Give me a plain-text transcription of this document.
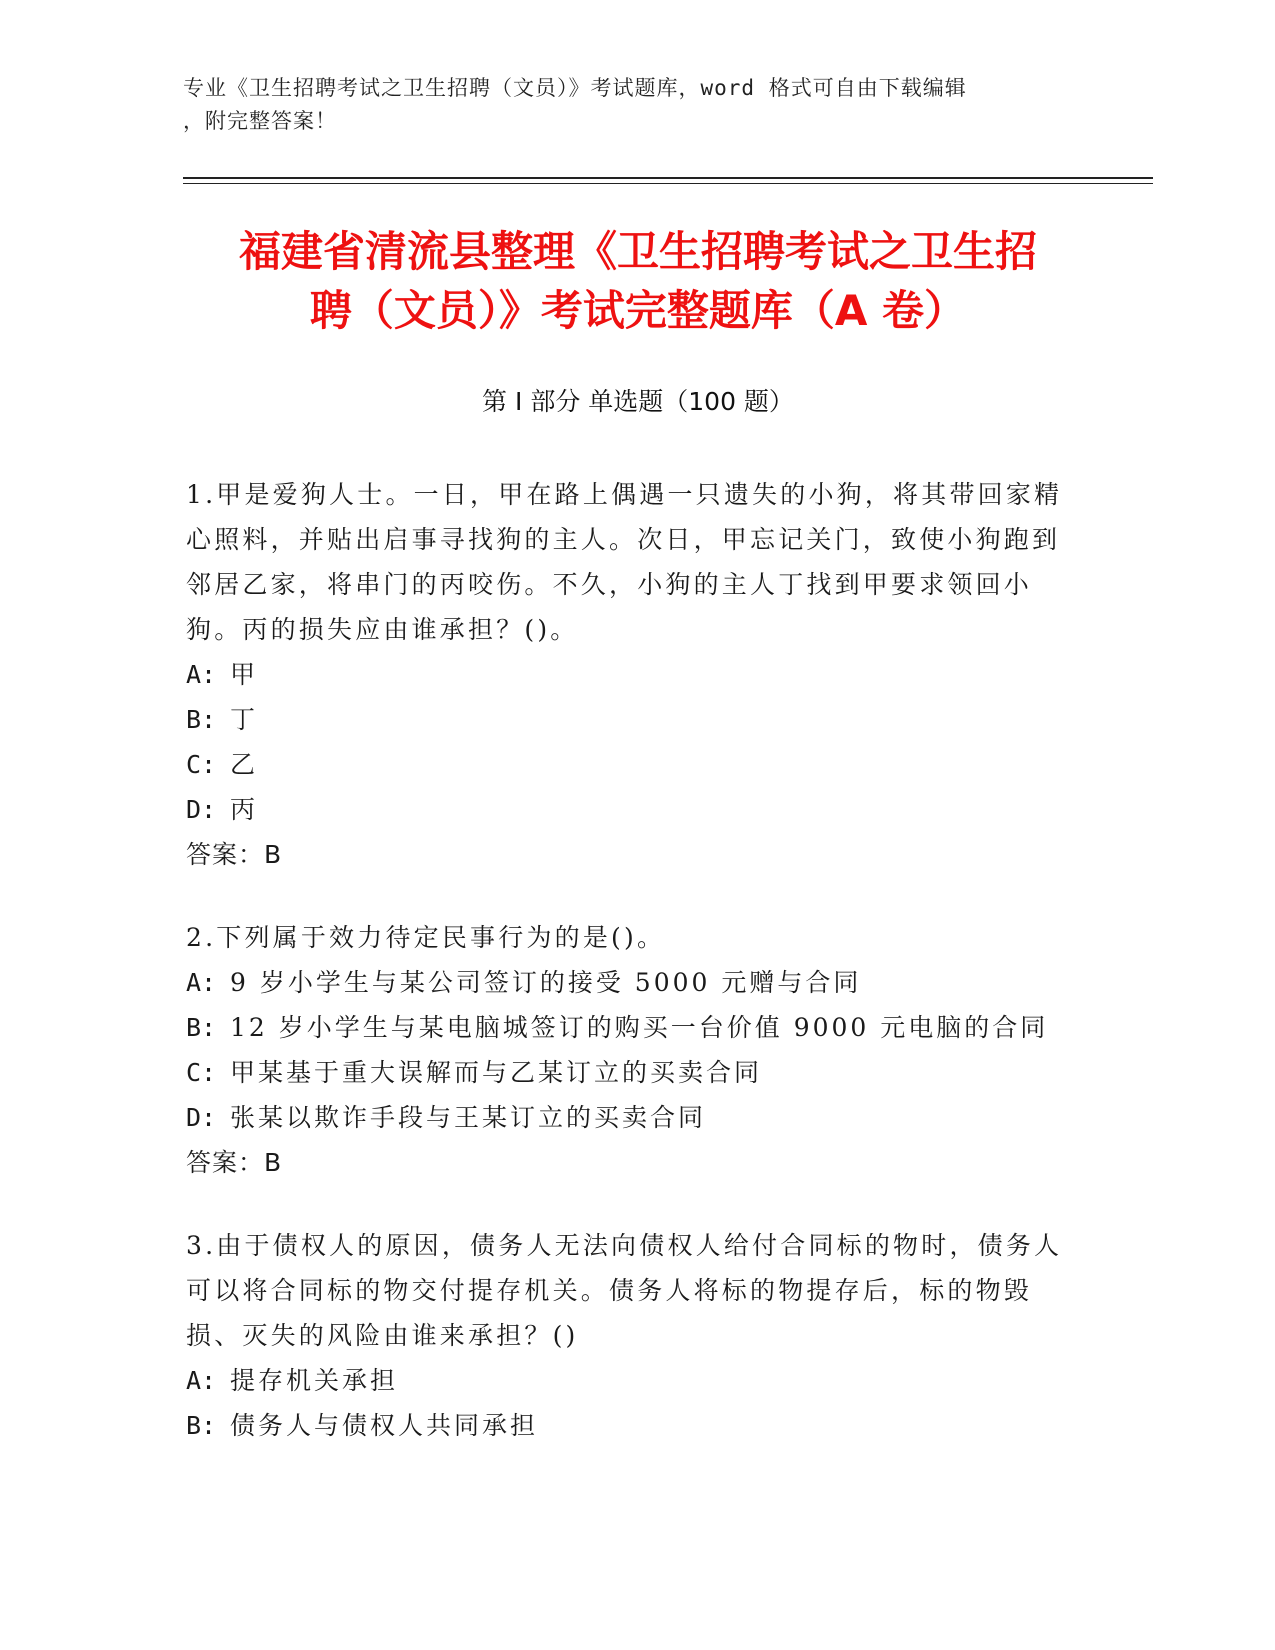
专业《卫生招聘考试之卫生招聘（文员）》考试题库，word 格式可自由下载编辑
，附完整答案！
福建省清流县整理《卫生招聘考试之卫生招
聘（文员）》考试完整题库（A 卷）
第 I 部分 单选题（100 题）

1.甲是爱狗人士。一日，甲在路上偶遇一只遗失的小狗，将其带回家精心照料，并贴出启事寻找狗的主人。次日，甲忘记关门，致使小狗跑到邻居乙家，将串门的丙咬伤。不久，小狗的主人丁找到甲要求领回小狗。丙的损失应由谁承担？()。

A: 甲

B: 丁

C: 乙

D: 丙

答案：B

2.下列属于效力待定民事行为的是()。

A: 9 岁小学生与某公司签订的接受 5000 元赠与合同

B: 12 岁小学生与某电脑城签订的购买一台价值 9000 元电脑的合同

C: 甲某基于重大误解而与乙某订立的买卖合同

D: 张某以欺诈手段与王某订立的买卖合同

答案：B

3.由于债权人的原因，债务人无法向债权人给付合同标的物时，债务人可以将合同标的物交付提存机关。债务人将标的物提存后，标的物毁损、灭失的风险由谁来承担？()

A: 提存机关承担

B: 债务人与债权人共同承担
